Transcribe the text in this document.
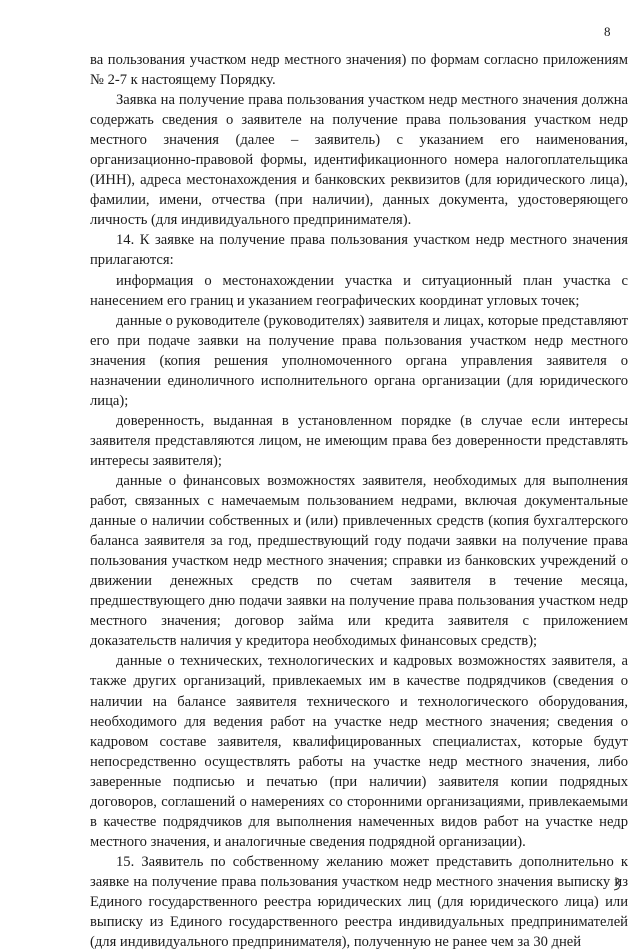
8

ва пользования участком недр местного значения) по формам согласно приложениям № 2-7 к настоящему Порядку.

Заявка на получение права пользования участком недр местного значения должна содержать сведения о заявителе на получение права пользования участком недр местного значения (далее – заявитель) с указанием его наименования, организационно-правовой формы, идентификационного номера налогоплательщика (ИНН), адреса местонахождения и банковских реквизитов (для юридического лица), фамилии, имени, отчества (при наличии), данных документа, удостоверяющего личность (для индивидуального предпринимателя).

14. К заявке на получение права пользования участком недр местного значения прилагаются:

информация о местонахождении участка и ситуационный план участка с нанесением его границ и указанием географических координат угловых точек;

данные о руководителе (руководителях) заявителя и лицах, которые представляют его при подаче заявки на получение права пользования участком недр местного значения (копия решения уполномоченного органа управления заявителя о назначении единоличного исполнительного органа организации (для юридического лица);

доверенность, выданная в установленном порядке (в случае если интересы заявителя представляются лицом, не имеющим права без доверенности представлять интересы заявителя);

данные о финансовых возможностях заявителя, необходимых для выполнения работ, связанных с намечаемым пользованием недрами, включая документальные данные о наличии собственных и (или) привлеченных средств (копия бухгалтерского баланса заявителя за год, предшествующий году подачи заявки на получение права пользования участком недр местного значения; справки из банковских учреждений о движении денежных средств по счетам заявителя в течение месяца, предшествующего дню подачи заявки на получение права пользования участком недр местного значения; договор займа или кредита заявителя с приложением доказательств наличия у кредитора необходимых финансовых средств);

данные о технических, технологических и кадровых возможностях заявителя, а также других организаций, привлекаемых им в качестве подрядчиков (сведения о наличии на балансе заявителя технического и технологического оборудования, необходимого для ведения работ на участке недр местного значения; сведения о кадровом составе заявителя, квалифицированных специалистах, которые будут непосредственно осуществлять работы на участке недр местного значения, либо заверенные подписью и печатью (при наличии) заявителя копии подрядных договоров, соглашений о намерениях со сторонними организациями, привлекаемыми в качестве подрядчиков для выполнения намеченных видов работ на участке недр местного значения, и аналогичные сведения подрядной организации).

15. Заявитель по собственному желанию может представить дополнительно к заявке на получение права пользования участком недр местного значения выписку из Единого государственного реестра юридических лиц (для юридического лица) или выписку из Единого государственного реестра индивидуальных предпринимателей (для индивидуального предпринимателя), полученную не ранее чем за 30 дней
